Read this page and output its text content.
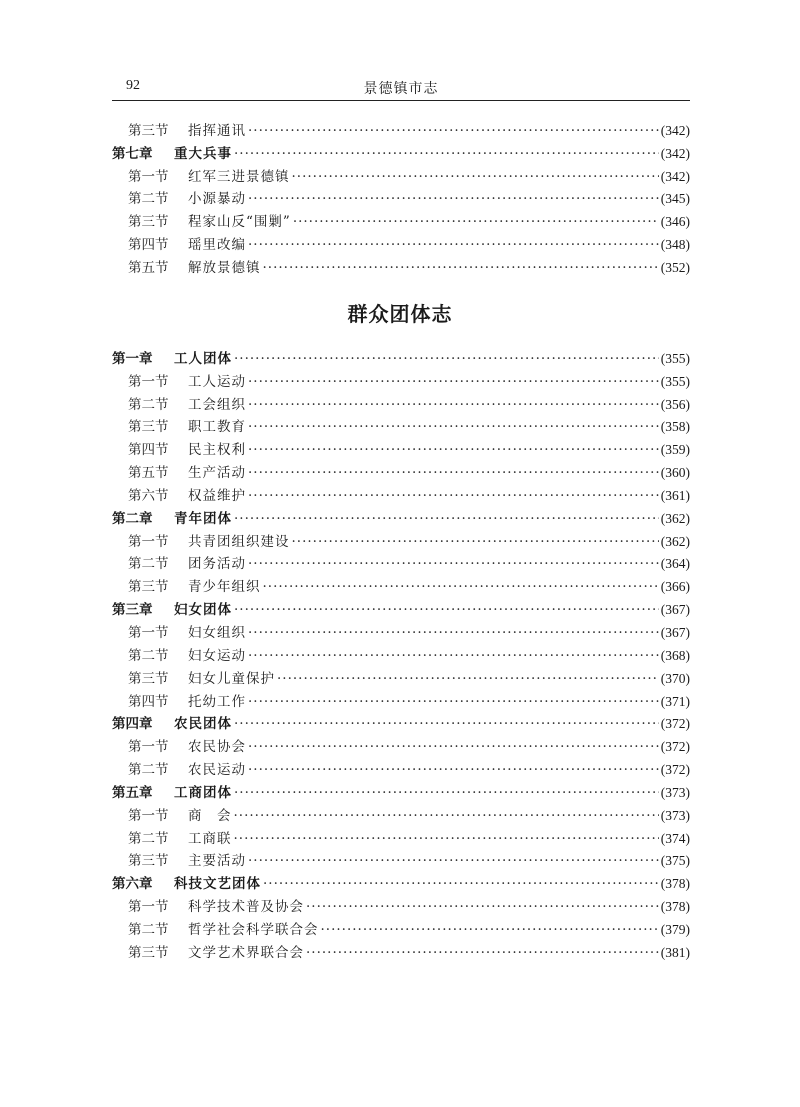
92	景德镇市志
第三节	指挥通讯 ·····	(342)
第七章	重大兵事 ·····	(342)
第一节	红军三进景德镇 ·····	(342)
第二节	小源暴动 ·····	(345)
第三节	程家山反“围剿” ·····	(346)
第四节	瑶里改编 ·····	(348)
第五节	解放景德镇 ·····	(352)
群众团体志
第一章	工人团体 ·····	(355)
第一节	工人运动 ·····	(355)
第二节	工会组织 ·····	(356)
第三节	职工教育 ·····	(358)
第四节	民主权利 ·····	(359)
第五节	生产活动 ·····	(360)
第六节	权益维护 ·····	(361)
第二章	青年团体 ·····	(362)
第一节	共青团组织建设 ·····	(362)
第二节	团务活动 ·····	(364)
第三节	青少年组织 ·····	(366)
第三章	妇女团体 ·····	(367)
第一节	妇女组织 ·····	(367)
第二节	妇女运动 ·····	(368)
第三节	妇女儿童保护 ·····	(370)
第四节	托幼工作 ·····	(371)
第四章	农民团体 ·····	(372)
第一节	农民协会 ·····	(372)
第二节	农民运动 ·····	(372)
第五章	工商团体 ·····	(373)
第一节	商　会 ·····	(373)
第二节	工商联 ·····	(374)
第三节	主要活动 ·····	(375)
第六章	科技文艺团体 ·····	(378)
第一节	科学技术普及协会 ·····	(378)
第二节	哲学社会科学联合会 ·····	(379)
第三节	文学艺术界联合会 ·····	(381)
